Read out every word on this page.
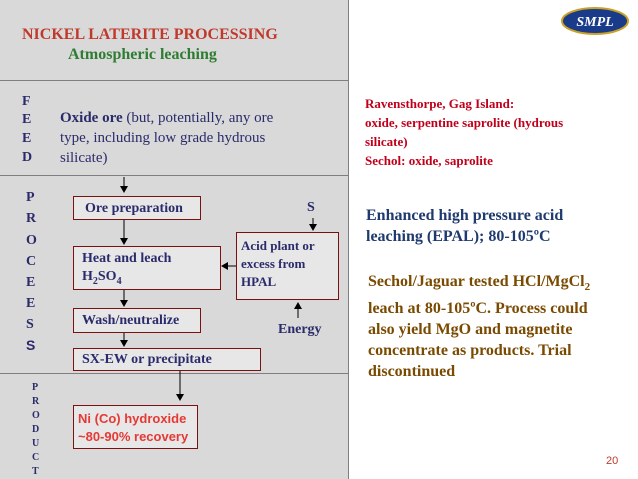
NICKEL LATERITE PROCESSING
Atmospheric leaching
SMPL
F
E
E
D
Oxide ore (but, potentially, any ore
type, including low grade hydrous
silicate)
P
R
O
C
E
E
S
S
P
R
O
D
U
C
T
Ore preparation
Heat and leach
$H_2SO_4$
Wash/neutralize
SX-EW or precipitate
Acid plant or
excess from
HPAL
S
Energy
Ni (Co) hydroxide
~80-90% recovery
Ravensthorpe, Gag Island:
oxide, serpentine saprolite (hydrous
silicate)
Sechol: oxide, saprolite
Enhanced high pressure acid
leaching (EPAL); 80-105ºC
Sechol/Jaguar tested HCl/MgCl$_2$
leach at 80-105ºC. Process could
also yield MgO and magnetite
concentrate as products. Trial
discontinued
20
